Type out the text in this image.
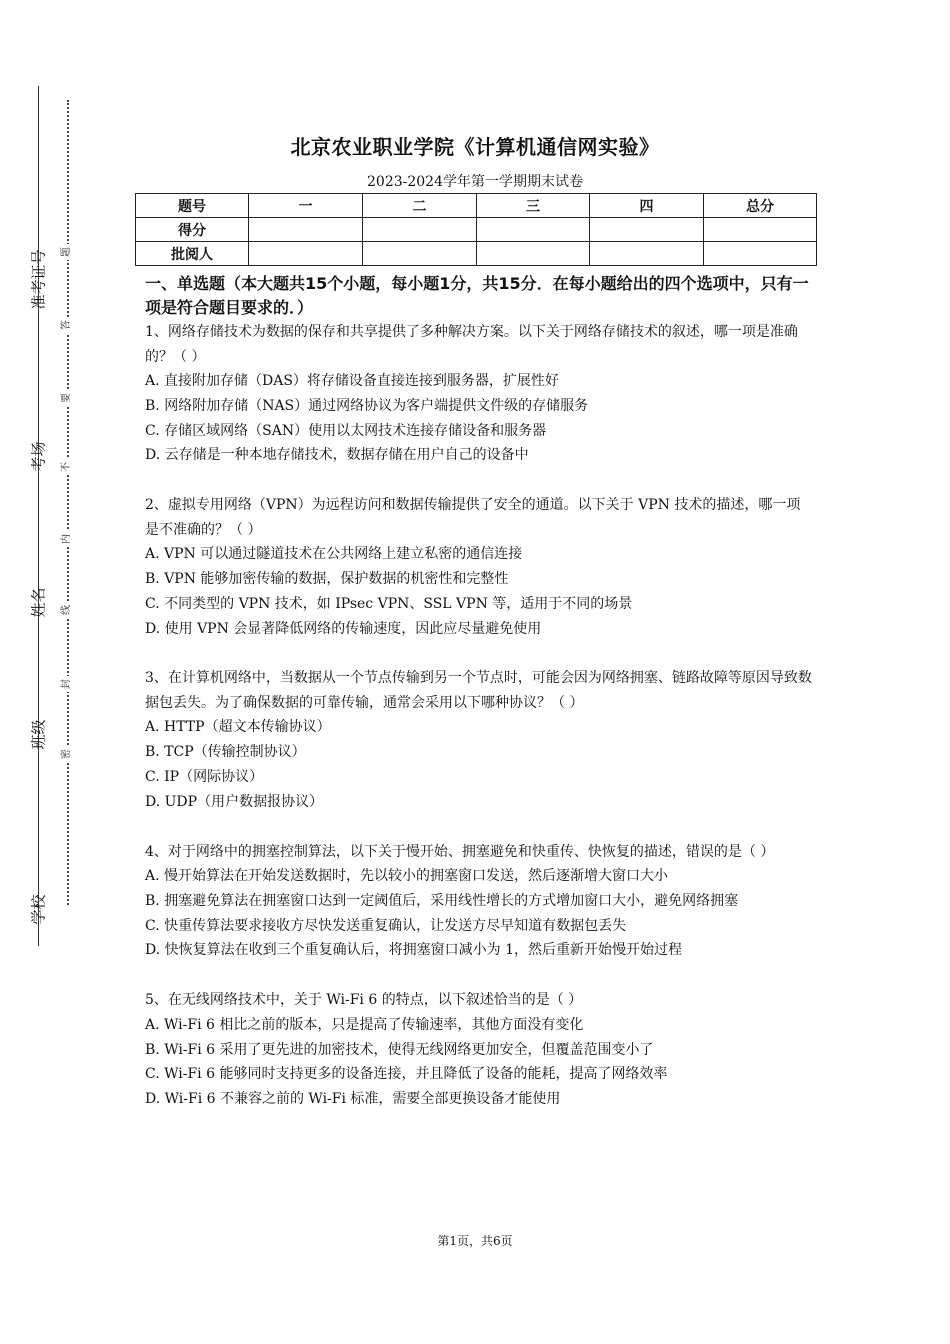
准考证号
考场
姓名
班级
学校
题
答
要
不
内
线
封
密
北京农业职业学院《计算机通信网实验》
2023-2024学年第一学期期末试卷
题号	一	二	三	四	总分
得分					
批阅人					
一、单选题（本大题共15个小题，每小题1分，共15分．在每小题给出的四个选项中，只有一项是符合题目要求的．）
1、网络存储技术为数据的保存和共享提供了多种解决方案。以下关于网络存储技术的叙述，哪一项是准确的？（ ）
A. 直接附加存储（DAS）将存储设备直接连接到服务器，扩展性好
B. 网络附加存储（NAS）通过网络协议为客户端提供文件级的存储服务
C. 存储区域网络（SAN）使用以太网技术连接存储设备和服务器
D. 云存储是一种本地存储技术，数据存储在用户自己的设备中
2、虚拟专用网络（VPN）为远程访问和数据传输提供了安全的通道。以下关于 VPN 技术的描述，哪一项是不准确的？（ ）
A. VPN 可以通过隧道技术在公共网络上建立私密的通信连接
B. VPN 能够加密传输的数据，保护数据的机密性和完整性
C. 不同类型的 VPN 技术，如 IPsec VPN、SSL VPN 等，适用于不同的场景
D. 使用 VPN 会显著降低网络的传输速度，因此应尽量避免使用
3、在计算机网络中，当数据从一个节点传输到另一个节点时，可能会因为网络拥塞、链路故障等原因导致数据包丢失。为了确保数据的可靠传输，通常会采用以下哪种协议？（ ）
A. HTTP（超文本传输协议）
B. TCP（传输控制协议）
C. IP（网际协议）
D. UDP（用户数据报协议）
4、对于网络中的拥塞控制算法，以下关于慢开始、拥塞避免和快重传、快恢复的描述，错误的是（ ）
A. 慢开始算法在开始发送数据时，先以较小的拥塞窗口发送，然后逐渐增大窗口大小
B. 拥塞避免算法在拥塞窗口达到一定阈值后，采用线性增长的方式增加窗口大小，避免网络拥塞
C. 快重传算法要求接收方尽快发送重复确认，让发送方尽早知道有数据包丢失
D. 快恢复算法在收到三个重复确认后，将拥塞窗口减小为 1，然后重新开始慢开始过程
5、在无线网络技术中，关于 Wi-Fi 6 的特点，以下叙述恰当的是（ ）
A. Wi-Fi 6 相比之前的版本，只是提高了传输速率，其他方面没有变化
B. Wi-Fi 6 采用了更先进的加密技术，使得无线网络更加安全，但覆盖范围变小了
C. Wi-Fi 6 能够同时支持更多的设备连接，并且降低了设备的能耗，提高了网络效率
D. Wi-Fi 6 不兼容之前的 Wi-Fi 标准，需要全部更换设备才能使用
第1页，共6页
